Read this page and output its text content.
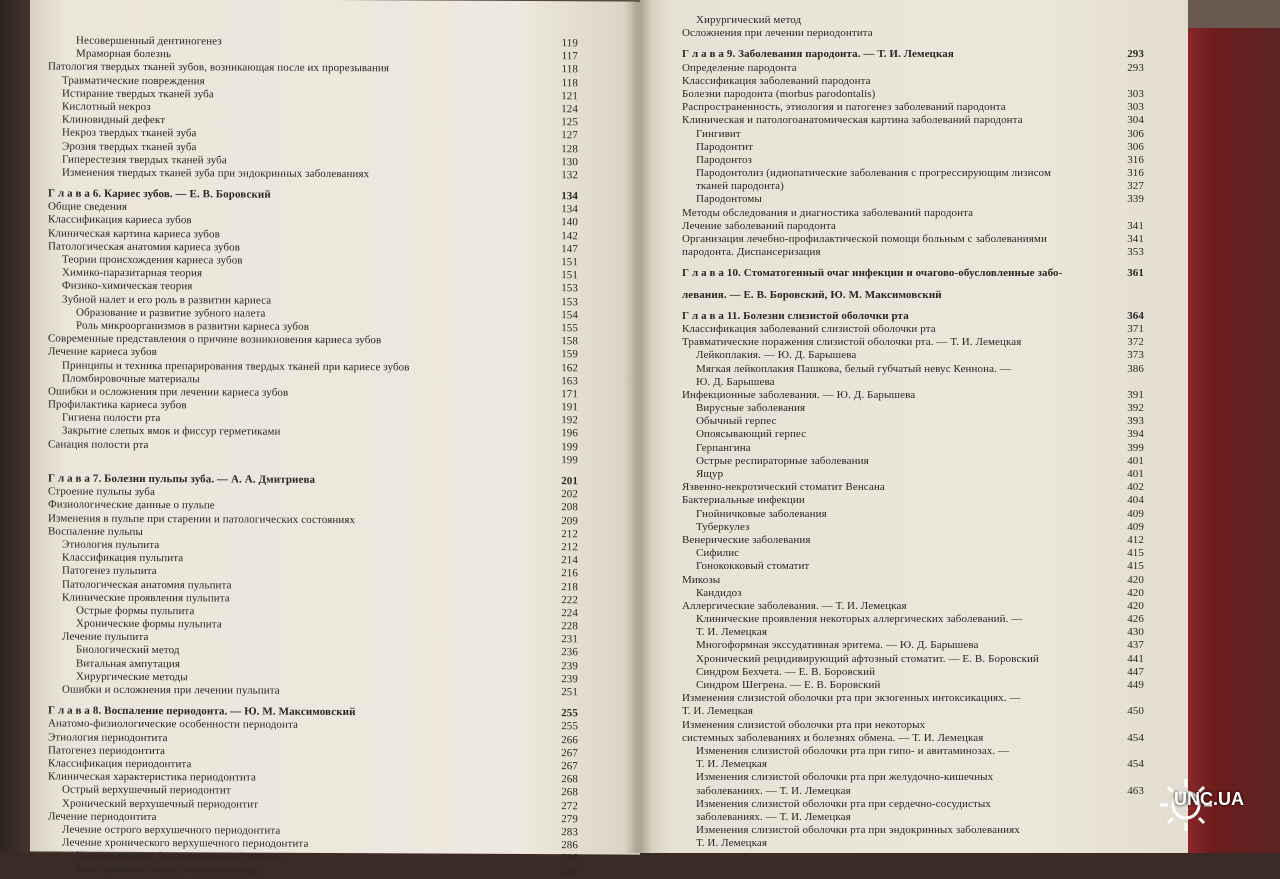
Несовершенный дентиногенез	119
Мраморная болезнь	117
Патология твердых тканей зубов, возникающая после их прорезывания	118
Травматические повреждения	118
Истирание твердых тканей зуба	121
Кислотный некроз	124
Клиновидный дефект	125
Некроз твердых тканей зуба	127
Эрозия твердых тканей зуба	128
Гиперестезия твердых тканей зуба	130
Изменения твердых тканей зуба при эндокринных заболеваниях	132
Г л а в а 6. Кариес зубов. — Е. В. Боровский	134
Общие сведения	134
Классификация кариеса зубов	140
Клиническая картина кариеса зубов	142
Патологическая анатомия кариеса зубов	147
Теории происхождения кариеса зубов	151
Химико-паразитарная теория	151
Физико-химическая теория	153
Зубной налет и его роль в развитии кариеса	153
Образование и развитие зубного налета	154
Роль микроорганизмов в развитии кариеса зубов	155
Современные представления о причине возникновения кариеса зубов	158
Лечение кариеса зубов	159
Принципы и техника препарирования твердых тканей при кариесе зубов	162
Пломбировочные материалы	163
Ошибки и осложнения при лечении кариеса зубов	171
Профилактика кариеса зубов	191
Гигиена полости рта	192
Закрытие слепых ямок и фиссур герметиками	196
Санация полости рта	199
199
Г л а в а 7. Болезни пульпы зуба. — А. А. Дмитриева	201
Строение пульпы зуба	202
Физиологические данные о пульпе	208
Изменения в пульпе при старении и патологических состояниях	209
Воспаление пульпы	212
Этиология пульпита	212
Классификация пульпита	214
Патогенез пульпита	216
Патологическая анатомия пульпита	218
Клинические проявления пульпита	222
Острые формы пульпита	224
Хронические формы пульпита	228
Лечение пульпита	231
Биологический метод	236
Витальная ампутация	239
Хирургические методы	239
Ошибки и осложнения при лечении пульпита	251
Г л а в а 8. Воспаление периодонта. — Ю. М. Максимовский	255
Анатомо-физиологические особенности периодонта	255
Этиология периодонтита	266
Патогенез периодонтита	267
Классификация периодонтита	267
Клиническая характеристика периодонтита	268
Острый верхушечный периодонтит	268
Хронический верхушечный периодонтит	272
Лечение периодонтита	279
Лечение острого верхушечного периодонтита	283
Лечение хронического верхушечного периодонтита	286
Консервативные (терапевтические) методы	286
Консервативно-хирургические методы	292
Хирургический метод
Осложнения при лечении периодонтита
Г л а в а 9. Заболевания пародонта. — Т. И. Лемецкая	293
Определение пародонта	293
Классификация заболеваний пародонта
Болезни пародонта (morbus parodontalis)	303
Распространенность, этиология и патогенез заболеваний пародонта	303
Клиническая и патологоанатомическая картина заболеваний пародонта	304
Гингивит	306
Пародонтит	306
Пародонтоз	316
Пародонтолиз (идиопатические заболевания с прогрессирующим лизисом	316
тканей пародонта)	327
Пародонтомы	339
Методы обследования и диагностика заболеваний пародонта
Лечение заболеваний пародонта	341
Организация лечебно-профилактической помощи больным с заболеваниями	341
пародонта. Диспансеризация	353
Г л а в а 10. Стоматогенный очаг инфекции и очагово-обусловленные забо-	361
левания. — Е. В. Боровский, Ю. М. Максимовский
Г л а в а 11. Болезни слизистой оболочки рта	364
Классификация заболеваний слизистой оболочки рта	371
Травматические поражения слизистой оболочки рта. — Т. И. Лемецкая	372
Лейкоплакия. — Ю. Д. Барышева	373
Мягкая лейкоплакия Пашкова, белый губчатый невус Кеннона. —	386
Ю. Д. Барышева
Инфекционные заболевания. — Ю. Д. Барышева	391
Вирусные заболевания	392
Обычный герпес	393
Опоясывающий герпес	394
Герпангина	399
Острые респираторные заболевания	401
Ящур	401
Язвенно-некротический стоматит Венсана	402
Бактериальные инфекции	404
Гнойничковые заболевания	409
Туберкулез	409
Венерические заболевания	412
Сифилис	415
Гонококковый стоматит	415
Микозы	420
Кандидоз	420
Аллергические заболевания. — Т. И. Лемецкая	420
Клинические проявления некоторых аллергических заболеваний. —	426
Т. И. Лемецкая	430
Многоформная экссудативная эритема. — Ю. Д. Барышева	437
Хронический рецидивирующий афтозный стоматит. — Е. В. Боровский	441
Синдром Бехчета. — Е. В. Боровский	447
Синдром Шегрена. — Е. В. Боровский	449
Изменения слизистой оболочки рта при экзогенных интоксикациях. —
Т. И. Лемецкая	450
Изменения слизистой оболочки рта при некоторых
системных заболеваниях и болезнях обмена. — Т. И. Лемецкая	454
Изменения слизистой оболочки рта при гипо- и авитаминозах. —
Т. И. Лемецкая	454
Изменения слизистой оболочки рта при желудочно-кишечных
заболеваниях. — Т. И. Лемецкая	463
Изменения слизистой оболочки рта при сердечно-сосудистых
заболеваниях. — Т. И. Лемецкая
Изменения слизистой оболочки рта при эндокринных заболеваниях
Т. И. Лемецкая
UNC.UA
